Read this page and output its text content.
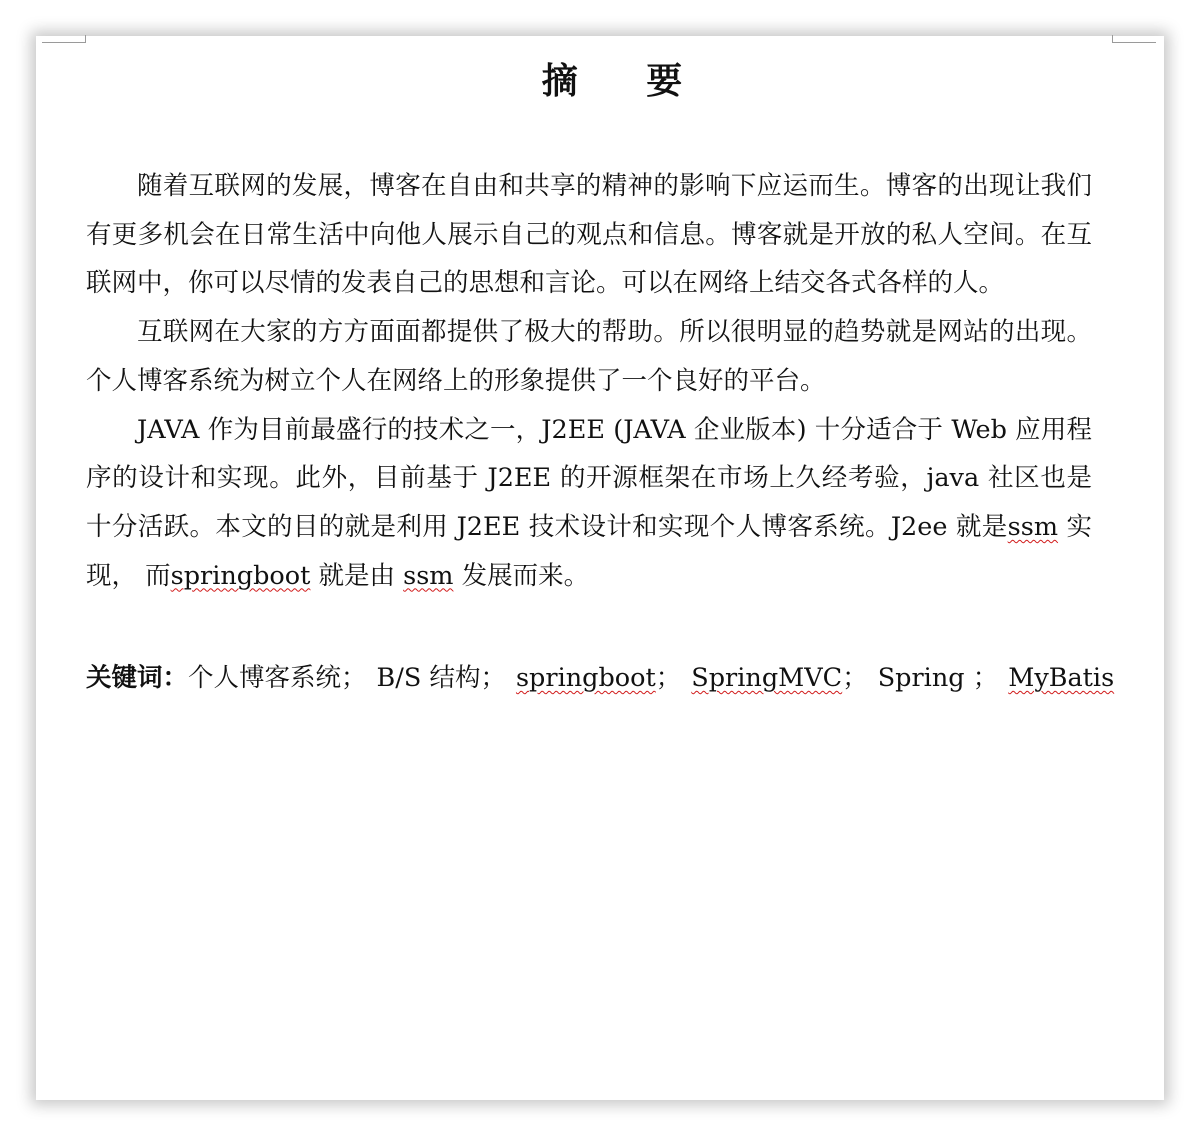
摘 要

随着互联网的发展，博客在自由和共享的精神的影响下应运而生。博客的出现让我们有更多机会在日常生活中向他人展示自己的观点和信息。博客就是开放的私人空间。在互联网中，你可以尽情的发表自己的思想和言论。可以在网络上结交各式各样的人。

互联网在大家的方方面面都提供了极大的帮助。所以很明显的趋势就是网站的出现。个人博客系统为树立个人在网络上的形象提供了一个良好的平台。

JAVA 作为目前最盛行的技术之一，J2EE (JAVA 企业版本) 十分适合于 Web 应用程序的设计和实现。此外，目前基于 J2EE 的开源框架在市场上久经考验，java 社区也是十分活跃。本文的目的就是利用 J2EE 技术设计和实现个人博客系统。J2ee 就是ssm 实现， 而springboot 就是由 ssm 发展而来。

关键词：个人博客系统； B/S 结构； springboot； SpringMVC； Spring ； MyBatis
